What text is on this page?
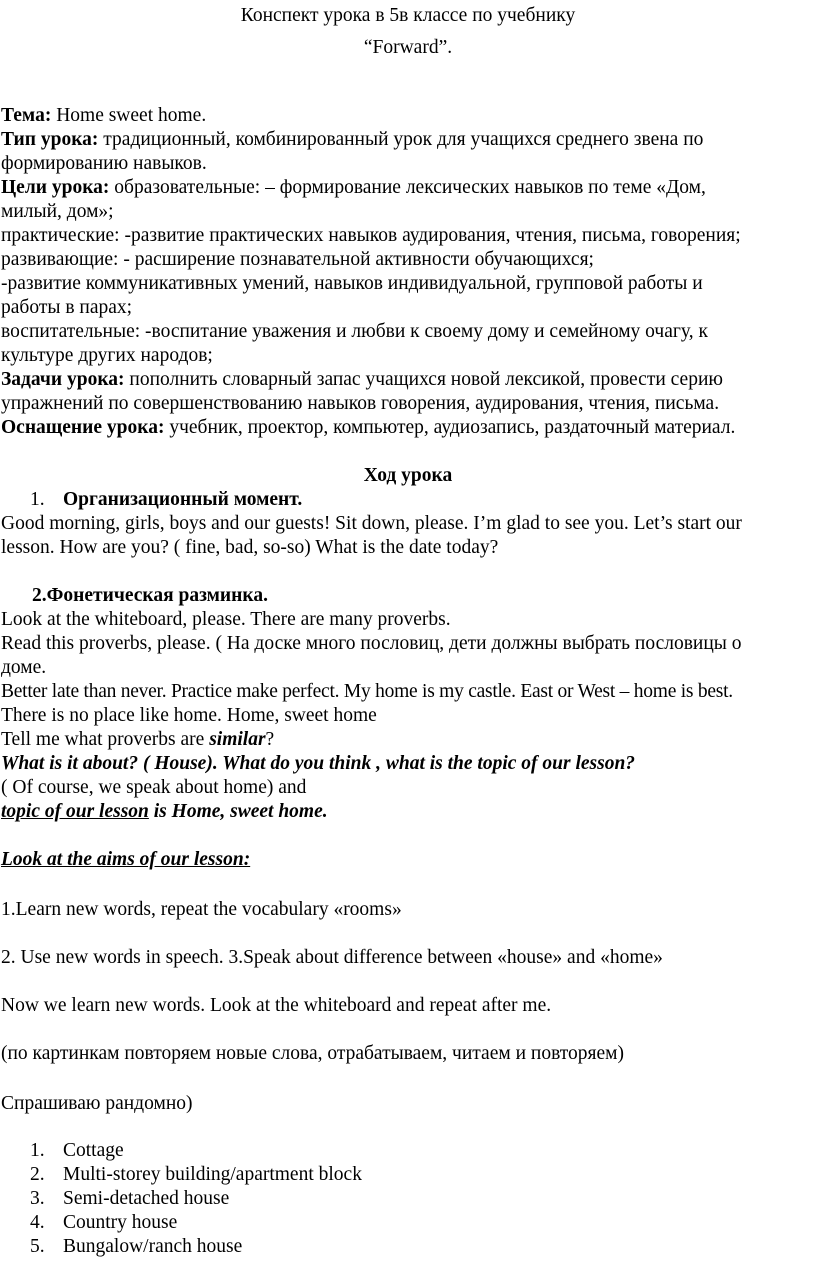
Конспект урока в 5в классе по учебнику
“Forward”.

Тема: Home sweet home.

Тип урока: традиционный, комбинированный урок для учащихся среднего звена по

формированию навыков.

Цели урока: образовательные: – формирование лексических навыков по теме «Дом,

милый, дом»;

практические: -развитие практических навыков аудирования, чтения, письма, говорения;

развивающие: - расширение познавательной активности обучающихся;

-развитие коммуникативных умений, навыков индивидуальной, групповой работы и

работы в парах;

воспитательные: -воспитание уважения и любви к своему дому и семейному очагу, к

культуре других народов;

Задачи урока: пополнить словарный запас учащихся новой лексикой, провести серию

упражнений по совершенствованию навыков говорения, аудирования, чтения, письма.

Оснащение урока: учебник, проектор, компьютер, аудиозапись, раздаточный материал.

Ход урока
1. Организационный момент.

Good morning, girls, boys and our guests! Sit down, please. I’m glad to see you. Let’s start our

lesson. How are you? ( fine, bad, so-so) What is the date today?

2.Фонетическая разминка.

Look at the whiteboard, please. There are many proverbs.

Read this proverbs, please. ( На доске много пословиц, дети должны выбрать пословицы о

доме.

Better late than never. Practice make perfect. My home is my castle. East or West – home is best.

There is no place like home. Home, sweet home

Tell me what proverbs are similar?

What is it about? ( House). What do you think , what is the topic of our lesson?

( Of course, we speak about home) and

topic of our lesson is Home, sweet home.

Look at the aims of our lesson:

1.Learn new words, repeat the vocabulary «rooms»

2. Use new words in speech. 3.Speak about difference between «house» and «home»

Now we learn new words. Look at the whiteboard and repeat after me.

(по картинкам повторяем новые слова, отрабатываем, читаем и повторяем)

Спрашиваю рандомно)

1. Cottage
2. Multi-storey building/apartment block
3. Semi-detached house
4. Country house
5. Bungalow/ranch house
